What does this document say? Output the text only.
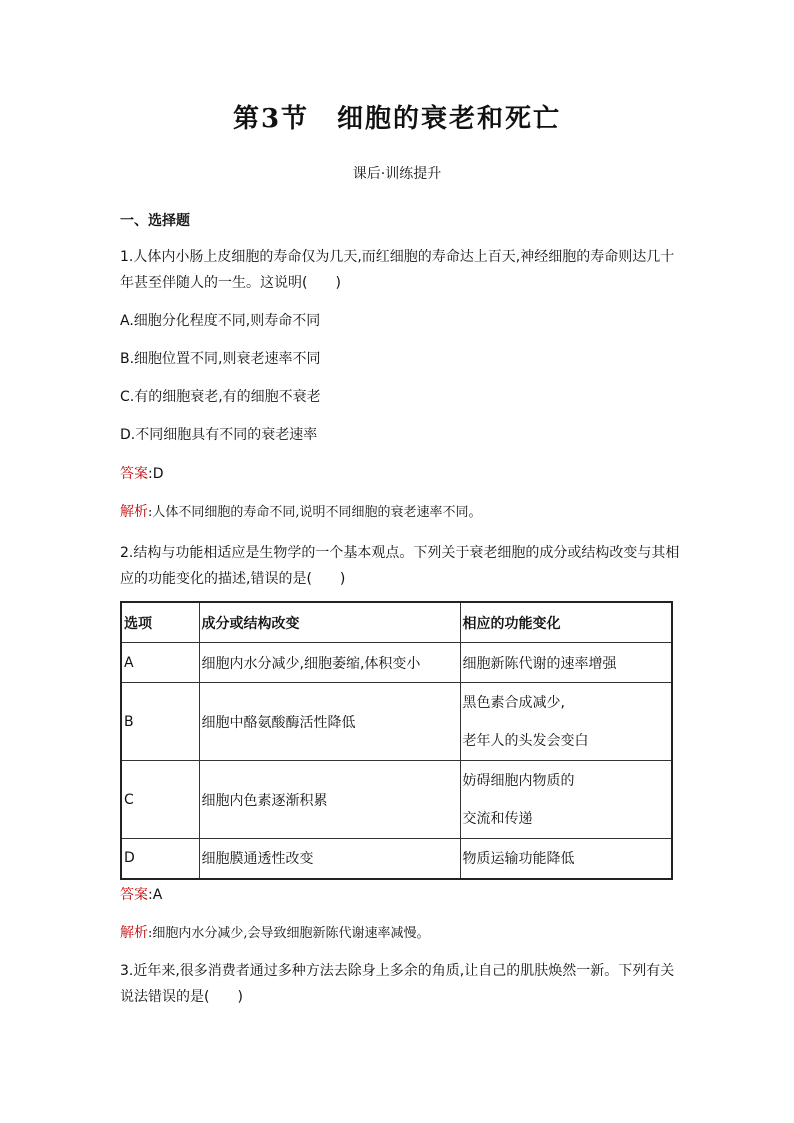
第3节　细胞的衰老和死亡
课后·训练提升
一、选择题
1.人体内小肠上皮细胞的寿命仅为几天,而红细胞的寿命达上百天,神经细胞的寿命则达几十年甚至伴随人的一生。这说明(　　)
A.细胞分化程度不同,则寿命不同
B.细胞位置不同,则衰老速率不同
C.有的细胞衰老,有的细胞不衰老
D.不同细胞具有不同的衰老速率
答案:D
解析:人体不同细胞的寿命不同,说明不同细胞的衰老速率不同。
2.结构与功能相适应是生物学的一个基本观点。下列关于衰老细胞的成分或结构改变与其相应的功能变化的描述,错误的是(　　)
选项	成分或结构改变	相应的功能变化
A	细胞内水分减少,细胞萎缩,体积变小	细胞新陈代谢的速率增强
B	细胞中酪氨酸酶活性降低	黑色素合成减少,
老年人的头发会变白

C	细胞内色素逐渐积累	妨碍细胞内物质的
交流和传递

D	细胞膜通透性改变	物质运输功能降低
答案:A
解析:细胞内水分减少,会导致细胞新陈代谢速率减慢。
3.近年来,很多消费者通过多种方法去除身上多余的角质,让自己的肌肤焕然一新。下列有关说法错误的是(　　)
